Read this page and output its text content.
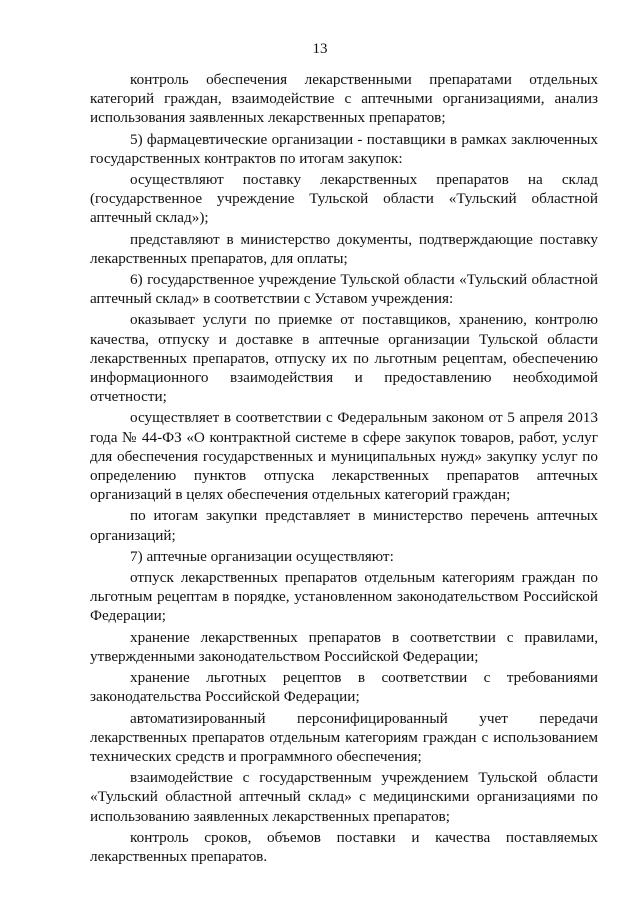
13

контроль обеспечения лекарственными препаратами отдельных категорий граждан, взаимодействие с аптечными организациями, анализ использования заявленных лекарственных препаратов;

5) фармацевтические организации - поставщики в рамках заключенных государственных контрактов по итогам закупок:

осуществляют поставку лекарственных препаратов на склад (государственное учреждение Тульской области «Тульский областной аптечный склад»);

представляют в министерство документы, подтверждающие поставку лекарственных препаратов, для оплаты;

6) государственное учреждение Тульской области «Тульский областной аптечный склад» в соответствии с Уставом учреждения:

оказывает услуги по приемке от поставщиков, хранению, контролю качества, отпуску и доставке в аптечные организации Тульской области лекарственных препаратов, отпуску их по льготным рецептам, обеспечению информационного взаимодействия и предоставлению необходимой отчетности;

осуществляет в соответствии с Федеральным законом от 5 апреля 2013 года № 44-ФЗ «О контрактной системе в сфере закупок товаров, работ, услуг для обеспечения государственных и муниципальных нужд» закупку услуг по определению пунктов отпуска лекарственных препаратов аптечных организаций в целях обеспечения отдельных категорий граждан;

по итогам закупки представляет в министерство перечень аптечных организаций;

7) аптечные организации осуществляют:

отпуск лекарственных препаратов отдельным категориям граждан по льготным рецептам в порядке, установленном законодательством Российской Федерации;

хранение лекарственных препаратов в соответствии с правилами, утвержденными законодательством Российской Федерации;

хранение льготных рецептов в соответствии с требованиями законодательства Российской Федерации;

автоматизированный персонифицированный учет передачи лекарственных препаратов отдельным категориям граждан с использованием технических средств и программного обеспечения;

взаимодействие с государственным учреждением Тульской области «Тульский областной аптечный склад» с медицинскими организациями по использованию заявленных лекарственных препаратов;

контроль сроков, объемов поставки и качества поставляемых лекарственных препаратов.
